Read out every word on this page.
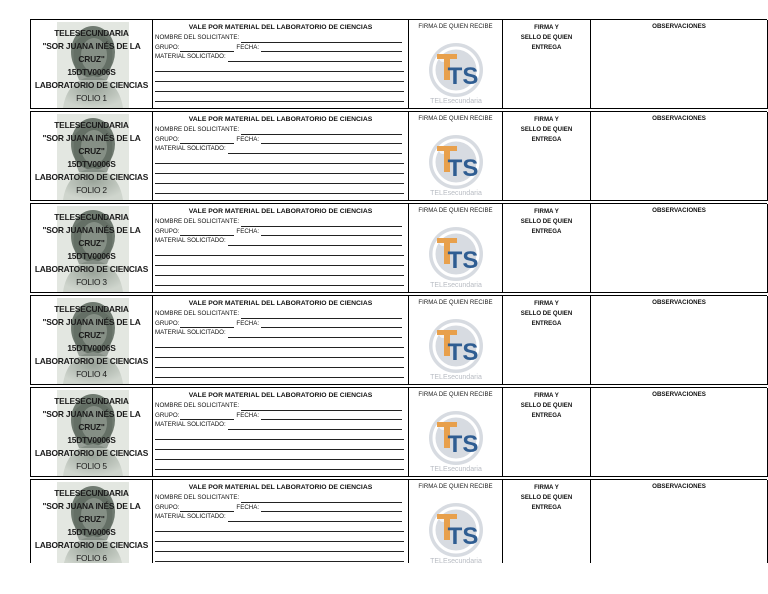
TELESECUNDARIA
"SOR JUANA INÉS DE LA CRUZ"
15DTV0006S
LABORATORIO DE CIENCIAS
FOLIO 1
VALE POR MATERIAL DEL LABORATORIO DE CIENCIAS
NOMBRE DEL SOLICITANTE:
GRUPO:	FECHA:
MATERIAL SOLICITADO:
FIRMA DE QUIEN RECIBE
TS
TELEsecundaria
FIRMA Y
SELLO DE QUIEN
ENTREGA
OBSERVACIONES
TELESECUNDARIA
"SOR JUANA INÉS DE LA CRUZ"
15DTV0006S
LABORATORIO DE CIENCIAS
FOLIO 2
VALE POR MATERIAL DEL LABORATORIO DE CIENCIAS
NOMBRE DEL SOLICITANTE:
GRUPO:	FECHA:
MATERIAL SOLICITADO:
FIRMA DE QUIEN RECIBE
TS
TELEsecundaria
FIRMA Y
SELLO DE QUIEN
ENTREGA
OBSERVACIONES
TELESECUNDARIA
"SOR JUANA INÉS DE LA CRUZ"
15DTV0006S
LABORATORIO DE CIENCIAS
FOLIO 3
VALE POR MATERIAL DEL LABORATORIO DE CIENCIAS
NOMBRE DEL SOLICITANTE:
GRUPO:	FECHA:
MATERIAL SOLICITADO:
FIRMA DE QUIEN RECIBE
TS
TELEsecundaria
FIRMA Y
SELLO DE QUIEN
ENTREGA
OBSERVACIONES
TELESECUNDARIA
"SOR JUANA INÉS DE LA CRUZ"
15DTV0006S
LABORATORIO DE CIENCIAS
FOLIO 4
VALE POR MATERIAL DEL LABORATORIO DE CIENCIAS
NOMBRE DEL SOLICITANTE:
GRUPO:	FECHA:
MATERIAL SOLICITADO:
FIRMA DE QUIEN RECIBE
TS
TELEsecundaria
FIRMA Y
SELLO DE QUIEN
ENTREGA
OBSERVACIONES
TELESECUNDARIA
"SOR JUANA INÉS DE LA CRUZ"
15DTV0006S
LABORATORIO DE CIENCIAS
FOLIO 5
VALE POR MATERIAL DEL LABORATORIO DE CIENCIAS
NOMBRE DEL SOLICITANTE:
GRUPO:	FECHA:
MATERIAL SOLICITADO:
FIRMA DE QUIEN RECIBE
TS
TELEsecundaria
FIRMA Y
SELLO DE QUIEN
ENTREGA
OBSERVACIONES
TELESECUNDARIA
"SOR JUANA INÉS DE LA CRUZ"
15DTV0006S
LABORATORIO DE CIENCIAS
FOLIO 6
VALE POR MATERIAL DEL LABORATORIO DE CIENCIAS
NOMBRE DEL SOLICITANTE:
GRUPO:	FECHA:
MATERIAL SOLICITADO:
FIRMA DE QUIEN RECIBE
TS
TELEsecundaria
FIRMA Y
SELLO DE QUIEN
ENTREGA
OBSERVACIONES
